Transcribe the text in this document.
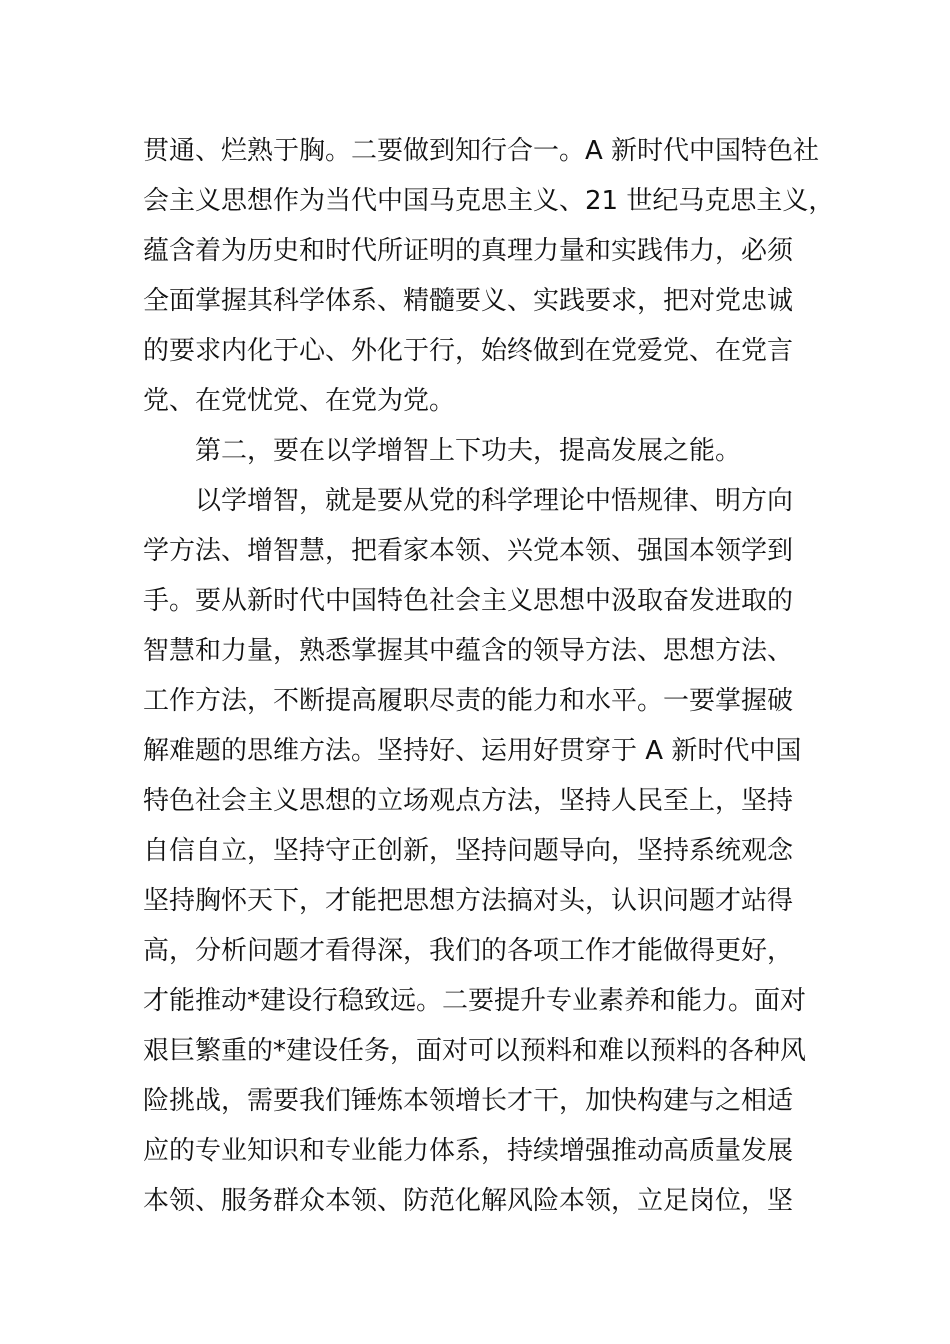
贯通、烂熟于胸。二要做到知行合一。A 新时代中国特色社
会主义思想作为当代中国马克思主义、21 世纪马克思主义，
蕴含着为历史和时代所证明的真理力量和实践伟力，必须
全面掌握其科学体系、精髓要义、实践要求，把对党忠诚
的要求内化于心、外化于行，始终做到在党爱党、在党言
党、在党忧党、在党为党。
第二，要在以学增智上下功夫，提高发展之能。
以学增智，就是要从党的科学理论中悟规律、明方向
学方法、增智慧，把看家本领、兴党本领、强国本领学到
手。要从新时代中国特色社会主义思想中汲取奋发进取的
智慧和力量，熟悉掌握其中蕴含的领导方法、思想方法、
工作方法，不断提高履职尽责的能力和水平。一要掌握破
解难题的思维方法。坚持好、运用好贯穿于 A 新时代中国
特色社会主义思想的立场观点方法，坚持人民至上，坚持
自信自立，坚持守正创新，坚持问题导向，坚持系统观念
坚持胸怀天下，才能把思想方法搞对头，认识问题才站得
高，分析问题才看得深，我们的各项工作才能做得更好，
才能推动*建设行稳致远。二要提升专业素养和能力。面对
艰巨繁重的*建设任务，面对可以预料和难以预料的各种风
险挑战，需要我们锤炼本领增长才干，加快构建与之相适
应的专业知识和专业能力体系，持续增强推动高质量发展
本领、服务群众本领、防范化解风险本领，立足岗位，坚
